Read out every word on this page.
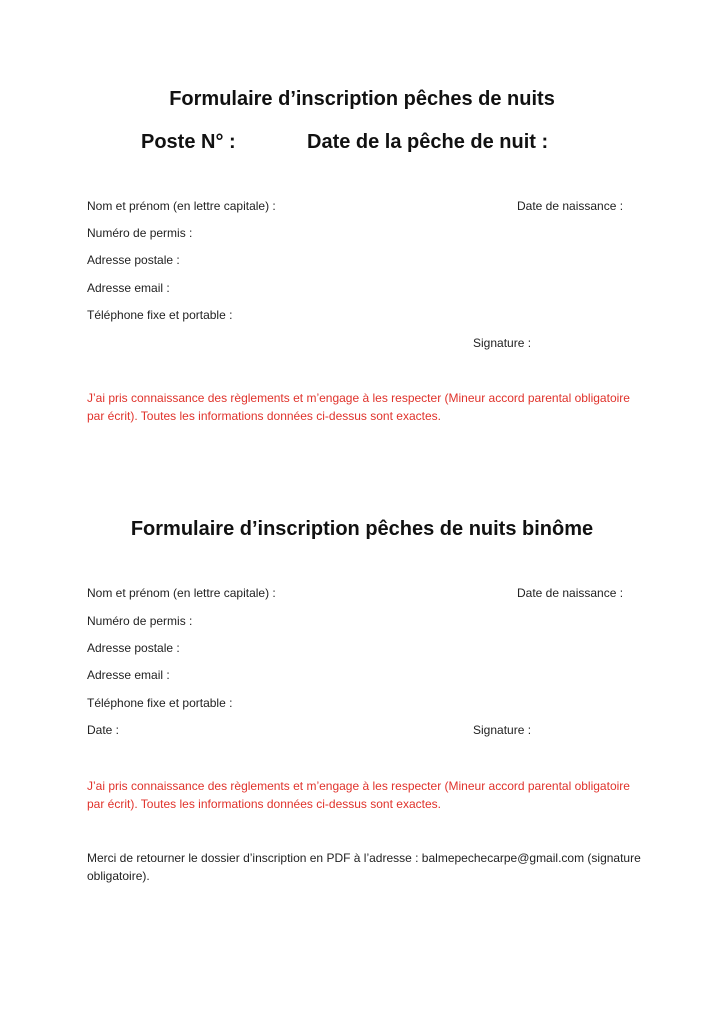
Formulaire d’inscription pêches de nuits
Poste N° :	Date de la pêche de nuit :
Nom et prénom (en lettre capitale) :	Date de naissance :
Numéro de permis :
Adresse postale :
Adresse email :
Téléphone fixe et portable :
Signature :
J’ai pris connaissance des règlements et m’engage à les respecter (Mineur accord parental obligatoire par écrit). Toutes les informations données ci-dessus sont exactes.
Formulaire d’inscription pêches de nuits binôme
Nom et prénom (en lettre capitale) :	Date de naissance :
Numéro de permis :
Adresse postale :
Adresse email :
Téléphone fixe et portable :
Date :	Signature :
J’ai pris connaissance des règlements et m’engage à les respecter (Mineur accord parental obligatoire par écrit). Toutes les informations données ci-dessus sont exactes.
Merci de retourner le dossier d’inscription en PDF à l’adresse : balmepechecarpe@gmail.com (signature obligatoire).
